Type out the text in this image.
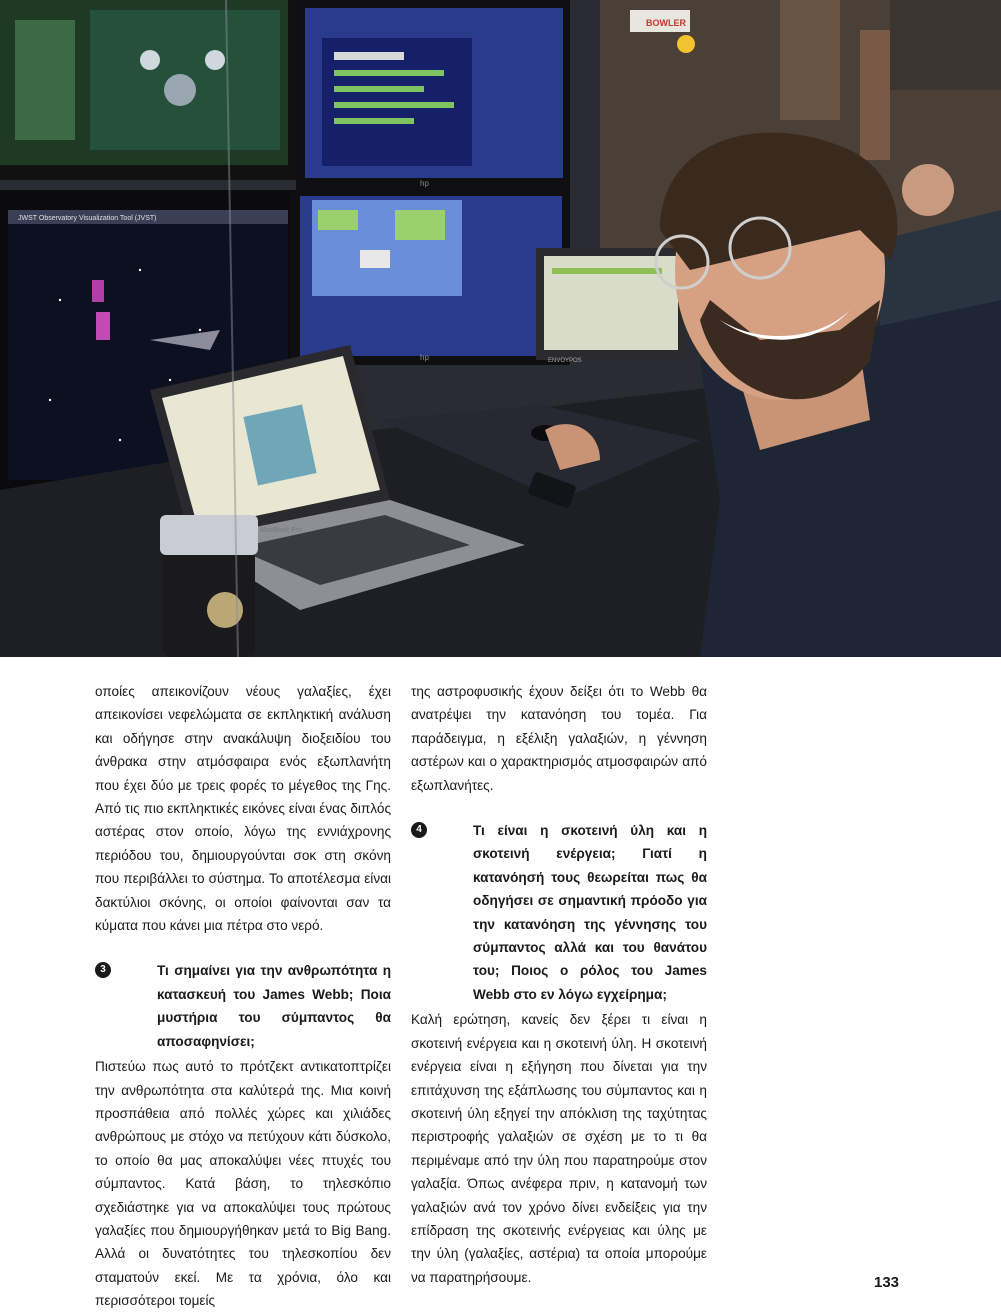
hp
JWST Observatory Visualization Tool (JVST)
hp
BOWLER
ENVOYPOS
MacBook Pro

οποίες απεικονίζουν νέους γαλαξίες, έχει απεικονίσει νεφελώματα σε εκπληκτική ανάλυση και οδήγησε στην ανακάλυψη διοξειδίου του άνθρακα στην ατμόσφαιρα ενός εξωπλανήτη που έχει δύο με τρεις φορές το μέγεθος της Γης. Από τις πιο εκπληκτικές εικόνες είναι ένας διπλός αστέρας στον οποίο, λόγω της εννιάχρονης περιόδου του, δημιουργούνται σοκ στη σκόνη που περιβάλλει το σύστημα. Το αποτέλεσμα είναι δακτύλιοι σκόνης, οι οποίοι φαίνονται σαν τα κύματα που κάνει μια πέτρα στο νερό.

3	Τι σημαίνει για την ανθρωπότητα η κατασκευή του James Webb; Ποια μυστήρια του σύμπαντος θα αποσαφηνίσει;

Πιστεύω πως αυτό το πρότζεκτ αντικατοπτρίζει την ανθρωπότητα στα καλύτερά της. Μια κοινή προσπάθεια από πολλές χώρες και χιλιάδες ανθρώπους με στόχο να πετύχουν κάτι δύσκολο, το οποίο θα μας αποκαλύψει νέες πτυχές του σύμπαντος. Κατά βάση, το τηλεσκόπιο σχεδιάστηκε για να αποκαλύψει τους πρώτους γαλαξίες που δημιουργήθηκαν μετά το Big Bang. Αλλά οι δυνατότητες του τηλεσκοπίου δεν σταματούν εκεί. Με τα χρόνια, όλο και περισσότεροι τομείς

της αστροφυσικής έχουν δείξει ότι το Webb θα ανατρέψει την κατανόηση του τομέα. Για παράδειγμα, η εξέλιξη γαλαξιών, η γέννηση αστέρων και ο χαρακτηρισμός ατμοσφαιρών από εξωπλανήτες.

4	Τι είναι η σκοτεινή ύλη και η σκοτεινή ενέργεια; Γιατί η κατανόησή τους θεωρείται πως θα οδηγήσει σε σημαντική πρόοδο για την κατανόηση της γέννησης του σύμπαντος αλλά και του θανάτου του; Ποιος ο ρόλος του James Webb στο εν λόγω εγχείρημα;

Καλή ερώτηση, κανείς δεν ξέρει τι είναι η σκοτεινή ενέργεια και η σκοτεινή ύλη. Η σκοτεινή ενέργεια είναι η εξήγηση που δίνεται για την επιτάχυνση της εξάπλωσης του σύμπαντος και η σκοτεινή ύλη εξηγεί την απόκλιση της ταχύτητας περιστροφής γαλαξιών σε σχέση με το τι θα περιμέναμε από την ύλη που παρατηρούμε στον γαλαξία. Όπως ανέφερα πριν, η κατανομή των γαλαξιών ανά τον χρόνο δίνει ενδείξεις για την επίδραση της σκοτεινής ενέργειας και ύλης με την ύλη (γαλαξίες, αστέρια) τα οποία μπορούμε να παρατηρήσουμε.	133
